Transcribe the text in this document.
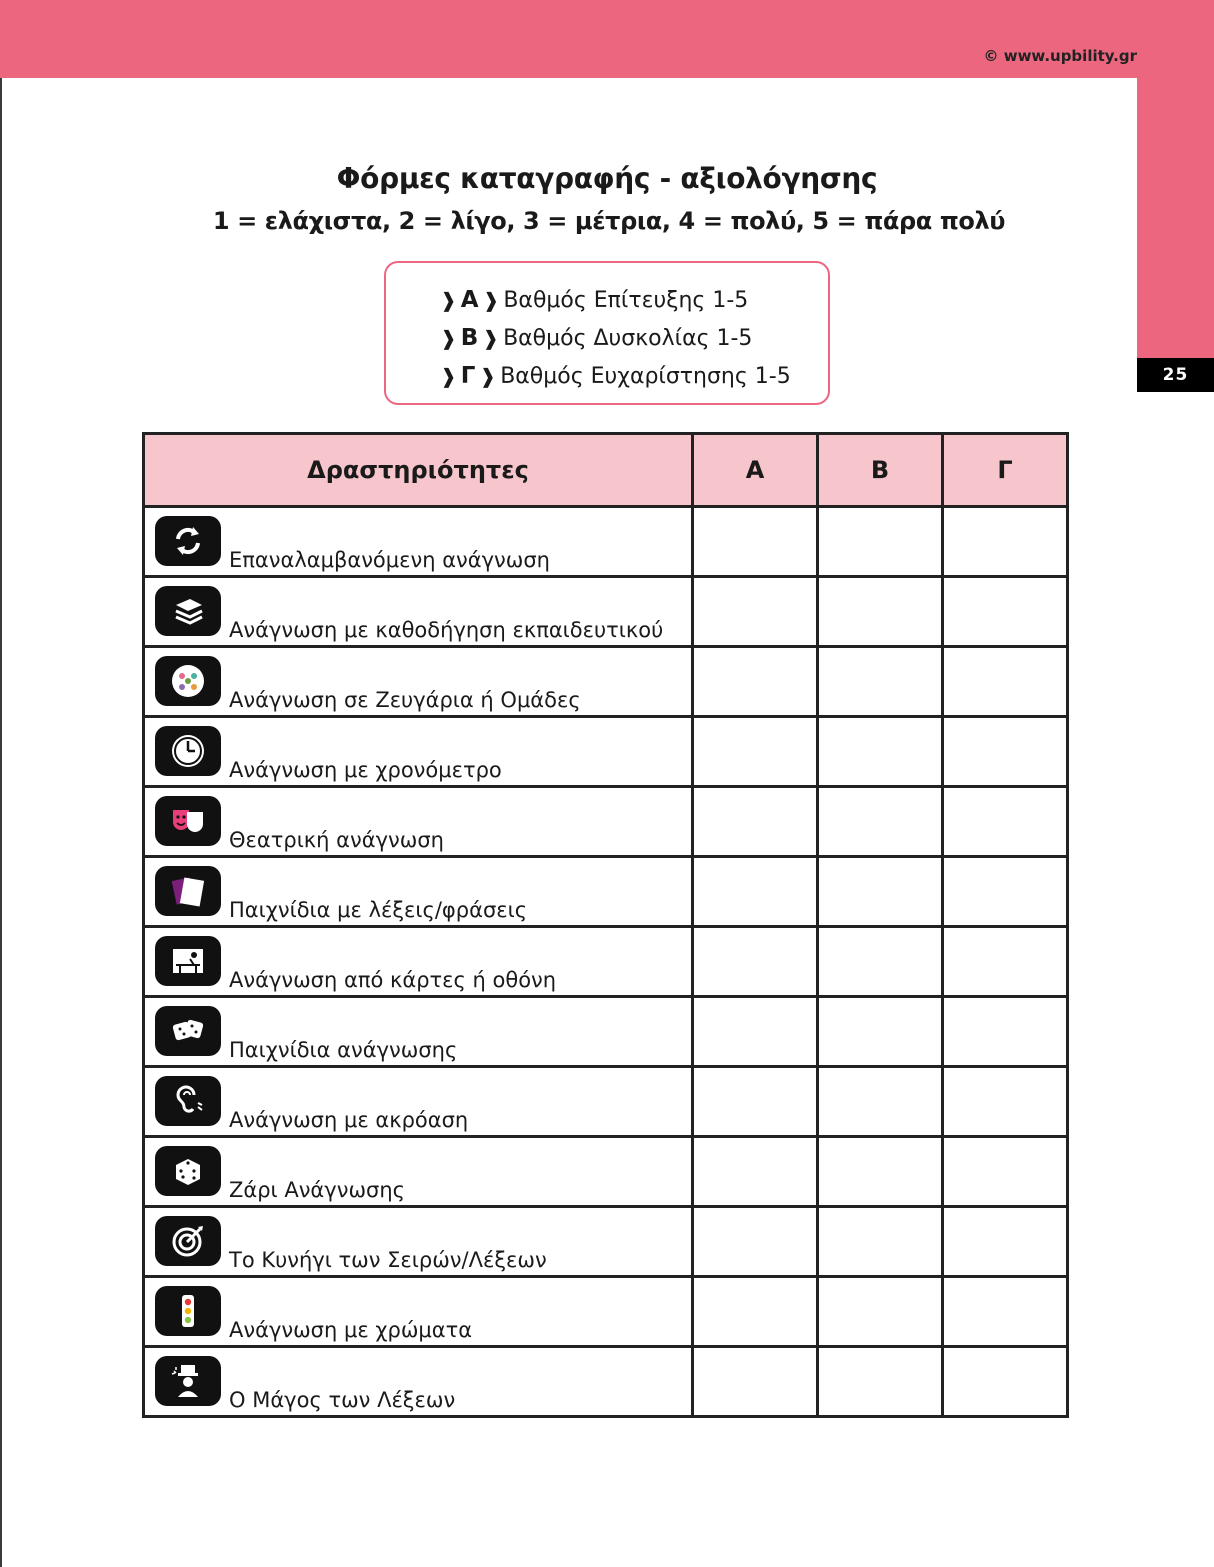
25
© www.upbility.gr
Φόρμες καταγραφής - αξιολόγησης
1 = ελάχιστα, 2 = λίγο, 3 = μέτρια, 4 = πολύ, 5 = πάρα πολύ
❱ Α ❱ Βαθμός Επίτευξης 1-5
❱ Β ❱ Βαθμός Δυσκολίας 1-5
❱ Γ ❱ Βαθμός Ευχαρίστησης 1-5
Δραστηριότητες	Α	Β	Γ

Επαναλαμβανόμενη ανάγνωση			

Ανάγνωση με καθοδήγηση εκπαιδευτικού			

Ανάγνωση σε Ζευγάρια ή Ομάδες			

Ανάγνωση με χρονόμετρο			

Θεατρική ανάγνωση			

Παιχνίδια με λέξεις/φράσεις			

Ανάγνωση από κάρτες ή οθόνη			

Παιχνίδια ανάγνωσης			

Ανάγνωση με ακρόαση			

Ζάρι Ανάγνωσης			

Το Κυνήγι των Σειρών/Λέξεων			

Ανάγνωση με χρώματα			

Ο Μάγος των Λέξεων			
